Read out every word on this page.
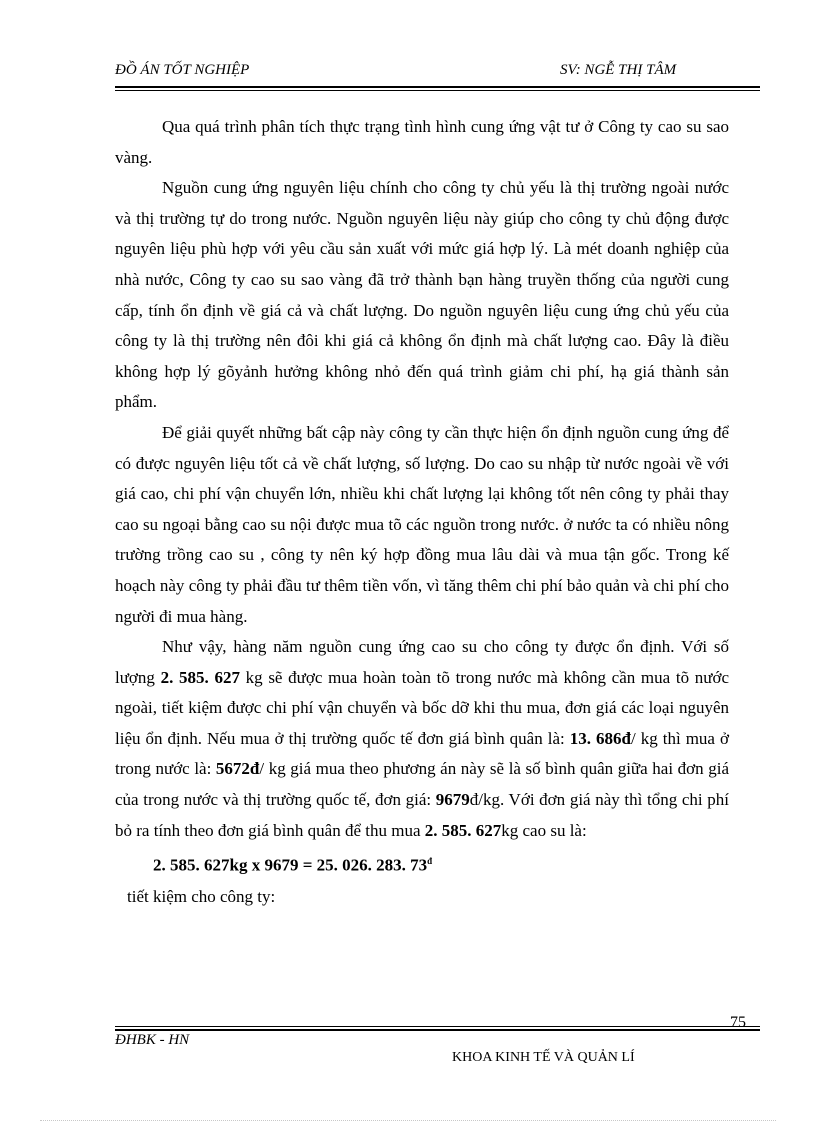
ĐỒ ÁN TỐT NGHIỆP	SV: NGỄ THỊ TÂM

Qua quá trình phân tích thực trạng tình hình cung ứng vật tư ở Công ty cao su sao vàng.

Nguồn cung ứng nguyên liệu chính cho công ty chủ yếu là thị trường ngoài nước và thị trường tự do trong nước. Nguồn nguyên liệu này giúp cho công ty chủ động được nguyên liệu phù hợp với yêu cầu sản xuất với mức giá hợp lý. Là mét doanh nghiệp của nhà nước, Công ty cao su sao vàng đã trở thành bạn hàng truyền thống của người cung cấp, tính ổn định về giá cả và chất lượng. Do nguồn nguyên liệu cung ứng chủ yếu của công ty là thị trường nên đôi khi giá cả không ổn định mà chất lượng cao. Đây là điều không hợp lý gõyảnh hưởng không nhỏ đến quá trình giảm chi phí, hạ giá thành sản phẩm.

Để giải quyết những bất cập này công ty cần thực hiện ổn định nguồn cung ứng để có được nguyên liệu tốt cả về chất lượng, số lượng. Do cao su nhập từ nước ngoài về với giá cao, chi phí vận chuyển lớn, nhiều khi chất lượng lại không tốt nên công ty phải thay cao su ngoại bằng cao su nội được mua tõ các nguồn trong nước. ở nước ta có nhiều nông trường trồng cao su , công ty nên ký hợp đồng mua lâu dài và mua tận gốc. Trong kế hoạch này công ty phải đầu tư thêm tiền vốn, vì tăng thêm chi phí bảo quản và chi phí cho người đi mua hàng.

Như vậy, hàng năm nguồn cung ứng cao su cho công ty được ổn định. Với số lượng 2. 585. 627 kg sẽ được mua hoàn toàn tõ trong nước mà không cần mua tõ nước ngoài, tiết kiệm được chi phí vận chuyển và bốc dỡ khi thu mua, đơn giá các loại nguyên liệu ổn định. Nếu mua ở thị trường quốc tế đơn giá bình quân là: 13. 686đ/ kg thì mua ở trong nước là: 5672đ/ kg giá mua theo phương án này sẽ là số bình quân giữa hai đơn giá của trong nước và thị trường quốc tế, đơn giá: 9679đ/kg. Với đơn giá này thì tổng chi phí bỏ ra tính theo đơn giá bình quân để thu mua 2. 585. 627kg cao su là:

2. 585. 627kg x 9679 = 25. 026. 283. $73^đ$

tiết kiệm cho công ty:

75
ĐHBK - HN
KHOA KINH TẾ VÀ QUẢN LÍ
